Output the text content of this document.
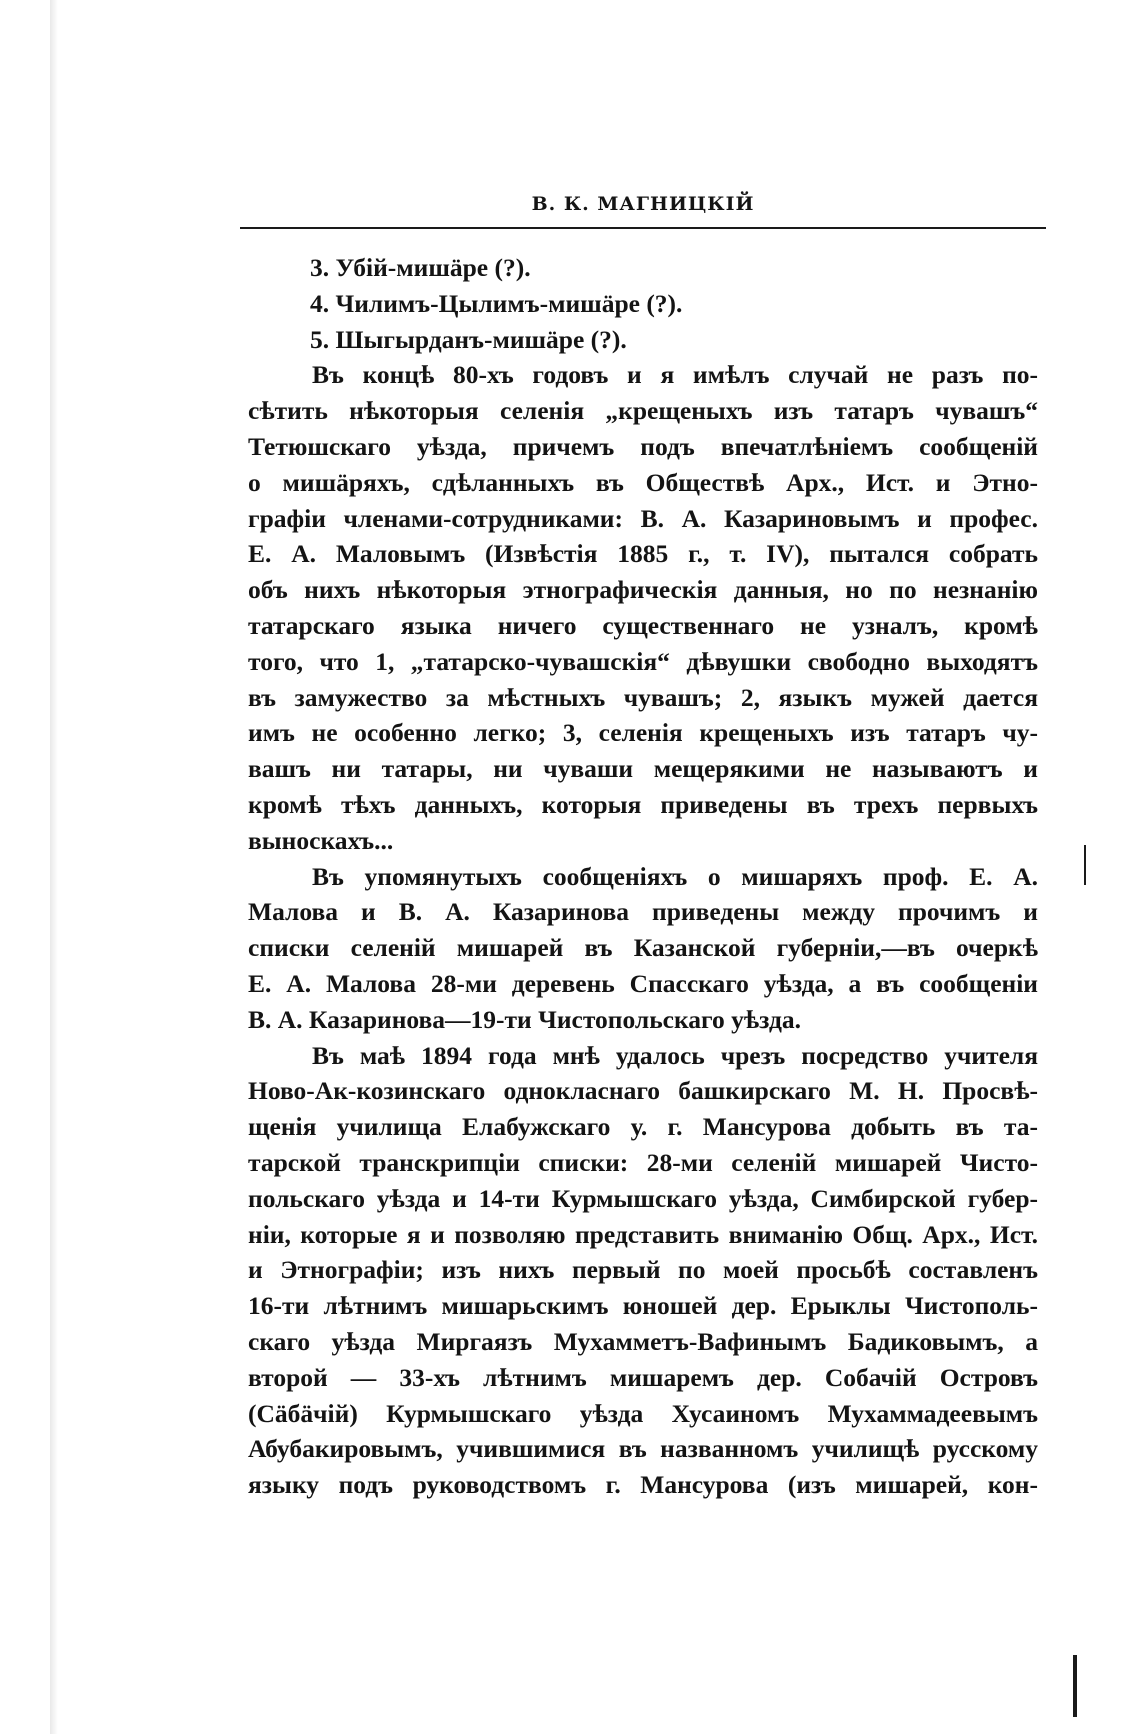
В. К. МАГНИЦКІЙ
3. Убій-мишäре (?).
4. Чилимъ-Цылимъ-мишäре (?).
5. Шыгырданъ-мишäре (?).
Въ концѣ 80-хъ годовъ и я имѣлъ случай не разъ по-
сѣтить нѣкоторыя селенія „крещеныхъ изъ татаръ чувашъ“
Тетюшскаго уѣзда, причемъ подъ впечатлѣніемъ сообщеній
о мишäряхъ, сдѣланныхъ въ Обществѣ Арх., Ист. и Этно-
графіи членами-сотрудниками: В. А. Казариновымъ и профес.
Е. А. Маловымъ (Извѣстія 1885 г., т. IV), пытался собрать
объ нихъ нѣкоторыя этнографическія данныя, но по незнанію
татарскаго языка ничего существеннаго не узналъ, кромѣ
того, что 1, „татарско-чувашскія“ дѣвушки свободно выходятъ
въ замужество за мѣстныхъ чувашъ; 2, языкъ мужей дается
имъ не особенно легко; 3, селенія крещеныхъ изъ татаръ чу-
вашъ ни татары, ни чуваши мещерякими не называютъ и
кромѣ тѣхъ данныхъ, которыя приведены въ трехъ первыхъ
выноскахъ...
Въ упомянутыхъ сообщеніяхъ о мишаряхъ проф. Е. А.
Малова и В. А. Казаринова приведены между прочимъ и
списки селеній мишарей въ Казанской губерніи,—въ очеркѣ
Е. А. Малова 28-ми деревень Спасскаго уѣзда, а въ сообщеніи
В. А. Казаринова—19-ти Чистопольскаго уѣзда.
Въ маѣ 1894 года мнѣ удалось чрезъ посредство учителя
Ново-Ак-козинскаго одноклаcнаго башкирскаго М. Н. Просвѣ-
щенія училища Елабужскаго у. г. Мансурова добыть въ та-
тарской транскрипціи списки: 28-ми селеній мишарей Чисто-
польскаго уѣзда и 14-ти Курмышскаго уѣзда, Симбирской губер-
ніи, которые я и позволяю представить вниманію Общ. Арх., Ист.
и Этнографіи; изъ нихъ первый по моей просьбѣ составленъ
16-ти лѣтнимъ мишарьскимъ юношей дер. Ерыклы Чистополь-
скаго уѣзда Миргаязъ Мухамметъ-Вафинымъ Бадиковымъ, а
второй — 33-хъ лѣтнимъ мишаремъ дер. Собачій Островъ
(Сäбäчій) Курмышскаго уѣзда Хусаиномъ Мухаммадеевымъ
Абубакировымъ, учившимися въ названномъ училищѣ русскому
языку подъ руководствомъ г. Мансурова (изъ мишарей, кон-
